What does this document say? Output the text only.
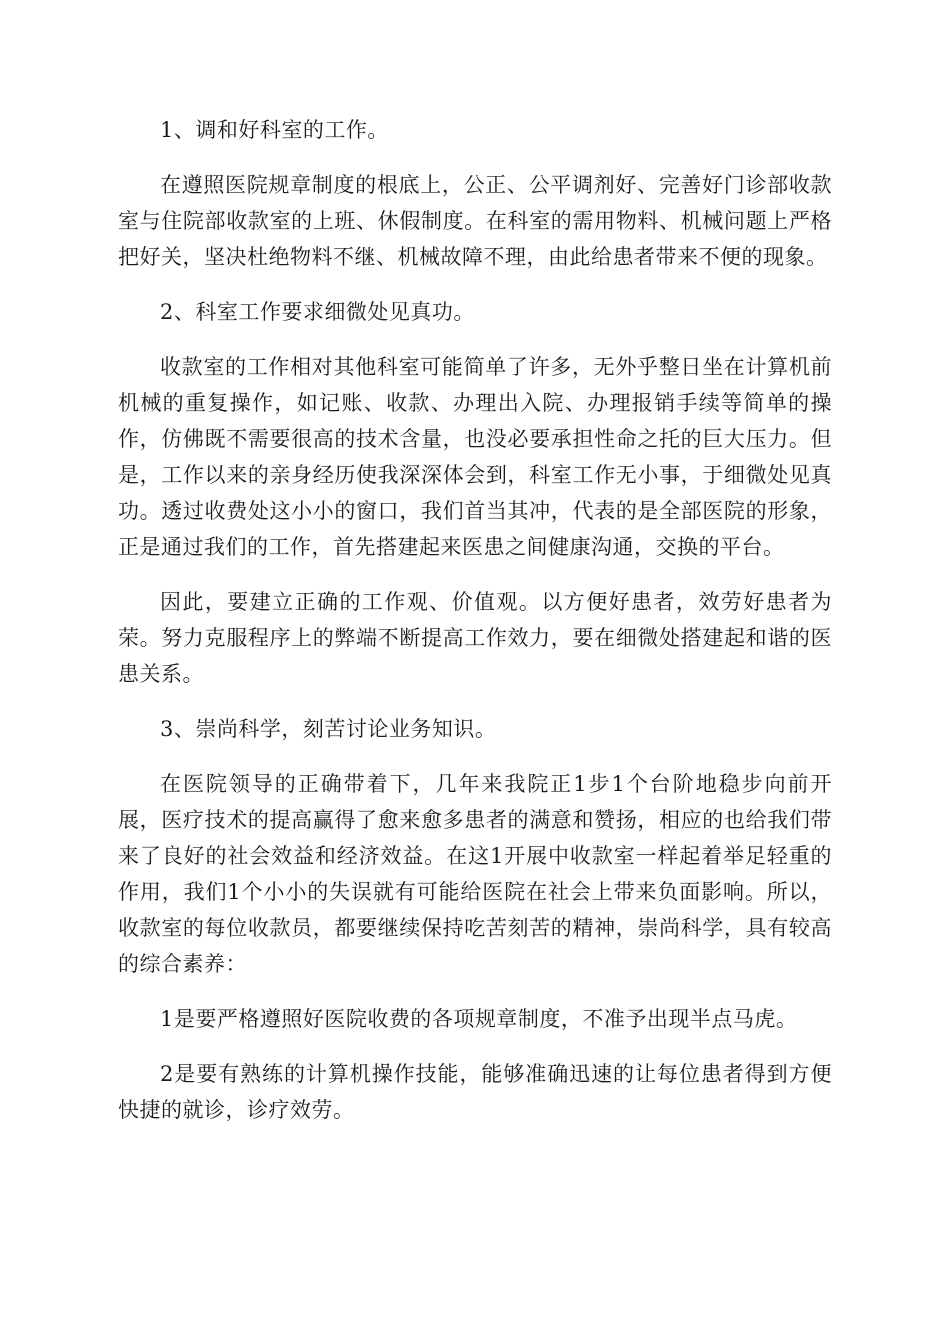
1、调和好科室的工作。

在遵照医院规章制度的根底上，公正、公平调剂好、完善好门诊部收款室与住院部收款室的上班、休假制度。在科室的需用物料、机械问题上严格把好关，坚决杜绝物料不继、机械故障不理，由此给患者带来不便的现象。

2、科室工作要求细微处见真功。

收款室的工作相对其他科室可能简单了许多，无外乎整日坐在计算机前机械的重复操作，如记账、收款、办理出入院、办理报销手续等简单的操作，仿佛既不需要很高的技术含量，也没必要承担性命之托的巨大压力。但是，工作以来的亲身经历使我深深体会到，科室工作无小事，于细微处见真功。透过收费处这小小的窗口，我们首当其冲，代表的是全部医院的形象，正是通过我们的工作，首先搭建起来医患之间健康沟通，交换的平台。

因此，要建立正确的工作观、价值观。以方便好患者，效劳好患者为荣。努力克服程序上的弊端不断提高工作效力，要在细微处搭建起和谐的医患关系。

3、崇尚科学，刻苦讨论业务知识。

在医院领导的正确带着下，几年来我院正1步1个台阶地稳步向前开展，医疗技术的提高赢得了愈来愈多患者的满意和赞扬，相应的也给我们带来了良好的社会效益和经济效益。在这1开展中收款室一样起着举足轻重的作用，我们1个小小的失误就有可能给医院在社会上带来负面影响。所以，收款室的每位收款员，都要继续保持吃苦刻苦的精神，崇尚科学，具有较高的综合素养：

1是要严格遵照好医院收费的各项规章制度，不准予出现半点马虎。

2是要有熟练的计算机操作技能，能够准确迅速的让每位患者得到方便快捷的就诊，诊疗效劳。
